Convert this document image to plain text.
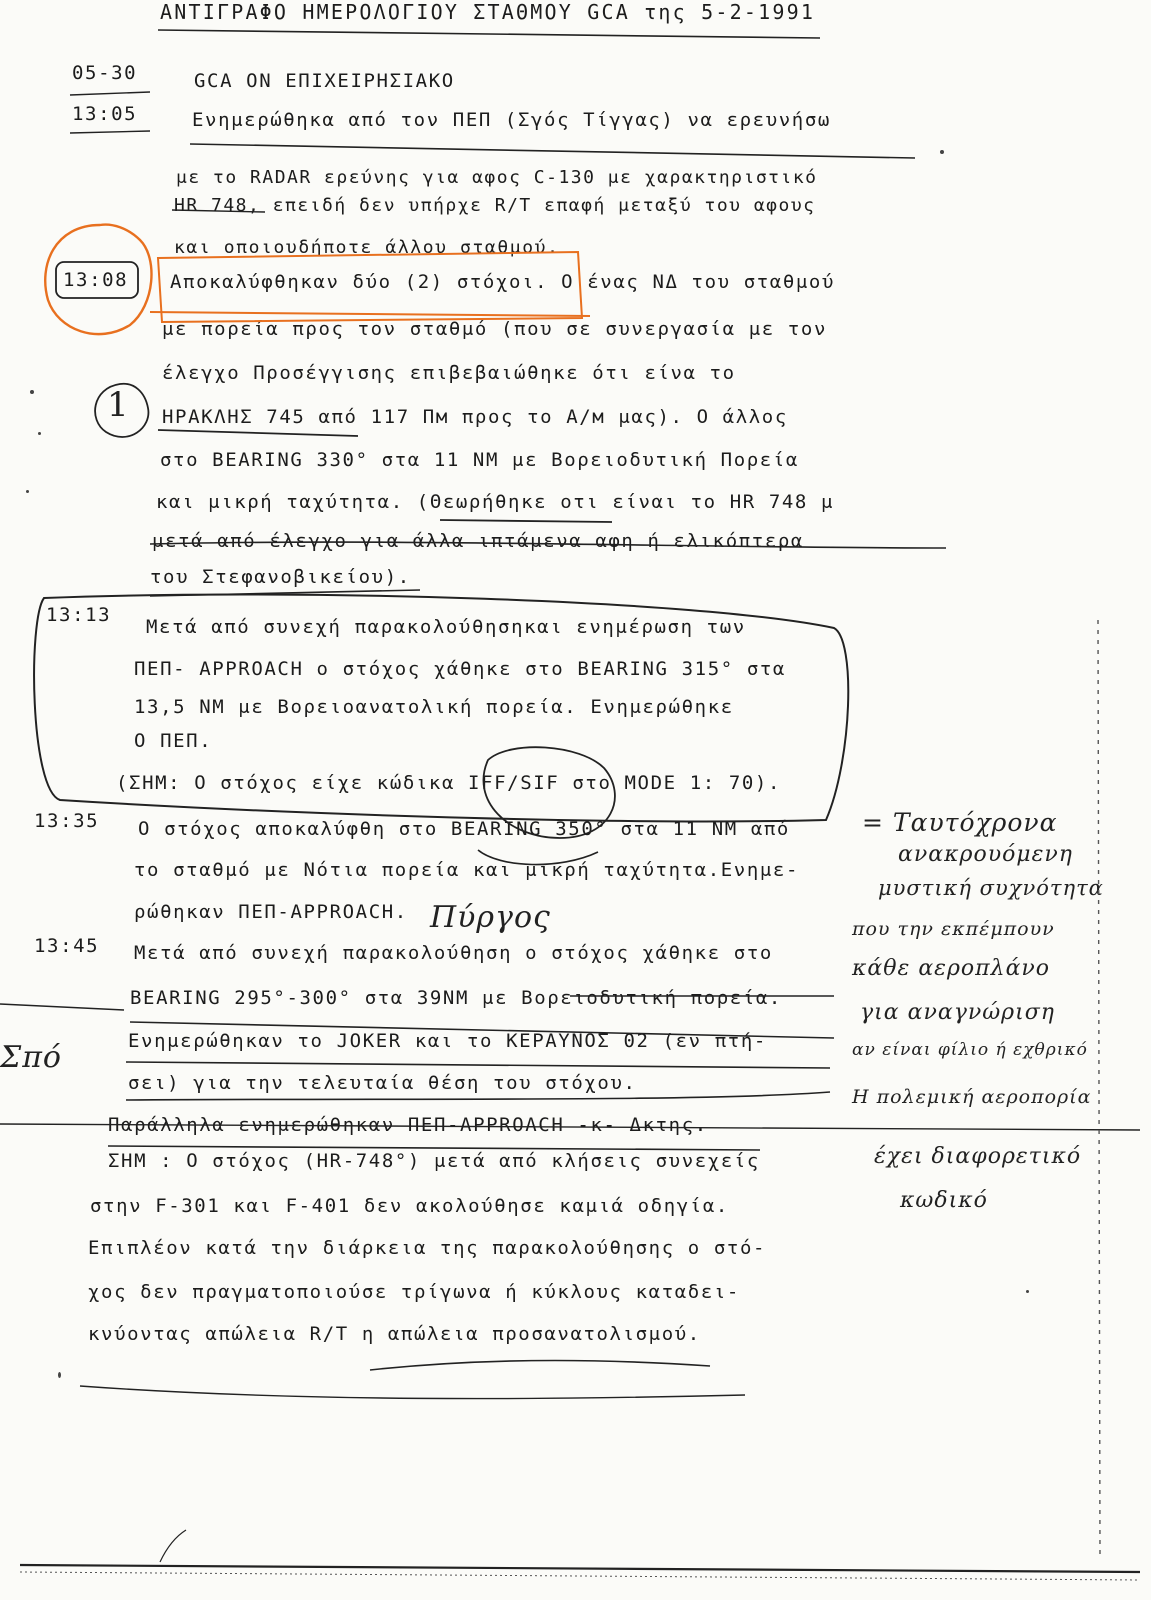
ΑΝΤΙΓΡΑΦΟ ΗΜΕΡΟΛΟΓΙΟΥ ΣΤΑΘΜΟΥ GCA της 5-2-1991
05-30	GCA ON ΕΠΙΧΕΙΡΗΣΙΑΚΟ
13:05	Ενημερώθηκα από τον ΠΕΠ (Σγός Τίγγας) να ερευνήσω
με το RADAR ερεύνης για αφος C-130 με χαρακτηριστικό
HR 748, επειδή δεν υπήρχε R/T επαφή μεταξύ του αφους
και οποιουδήποτε άλλου σταθμού.
13:08 Αποκαλύφθηκαν δύο (2) στόχοι. Ο ένας ΝΔ του σταθμού
με πορεία προς τον σταθμό (που σε συνεργασία με τον
έλεγχο Προσέγγισης επιβεβαιώθηκε ότι είνα το
ΗΡΑΚΛΗΣ 745 από 117 Πм προς το Α/м μας). Ο άλλος
στο BEARING 330° στα 11 NM με Βορειοδυτική Πορεία
και μικρή ταχύτητα. (Θεωρήθηκε οτι είναι το HR 748 μ
μετά από έλεγχο για άλλα ιπτάμενα αφη ή ελικόπτερα
του Στεφανοβικείου).
13:13
Μετά από συνεχή παρακολούθησηκαι ενημέρωση των
ΠΕΠ- APPROACH ο στόχος χάθηκε στο BEARING 315° στα
13,5 NM με Βορειοανατολική πορεία. Ενημερώθηκε
Ο ΠΕΠ.
(ΣΗΜ: Ο στόχος είχε κώδικα IFF/SIF στο MODE 1: 70).
13:35 Ο στόχος αποκαλύφθη στο BEARING 350° στα 11 NM από
το σταθμό με Νότια πορεία και μικρή ταχύτητα.Ενημε-
ρώθηκαν ΠΕΠ-APPROACH.
13:45 Μετά από συνεχή παρακολούθηση ο στόχος χάθηκε στο
BEARING 295°-300° στα 39NM με Βορειοδυτική πορεία.
Ενημερώθηκαν το JOKER και το ΚΕΡΑΥΝΟΣ 02 (εν πτή-
σει) για την τελευταία θέση του στόχου.
Παράλληλα ενημερώθηκαν ΠΕΠ-APPROACH -κ- Δκτης.
ΣΗΜ : Ο στόχος (HR-748°) μετά από κλήσεις συνεχείς
στην F-301 και F-401 δεν ακολούθησε καμιά οδηγία.
Επιπλέον κατά την διάρκεια της παρακολούθησης ο στό-
χος δεν πραγματοποιούσε τρίγωνα ή κύκλους καταδει-
κνύοντας απώλεια R/T η απώλεια προσανατολισμού.
1
Σπό
Πύργος
= Ταυτόχρονα
ανακρουόμενη
μυστική συχνότητα
που την εκπέμπουν
κάθε αεροπλάνο
για αναγνώριση
αν είναι φίλιο ή εχθρικό
Η πολεμική αεροπορία
έχει διαφορετικό
κωδικό
